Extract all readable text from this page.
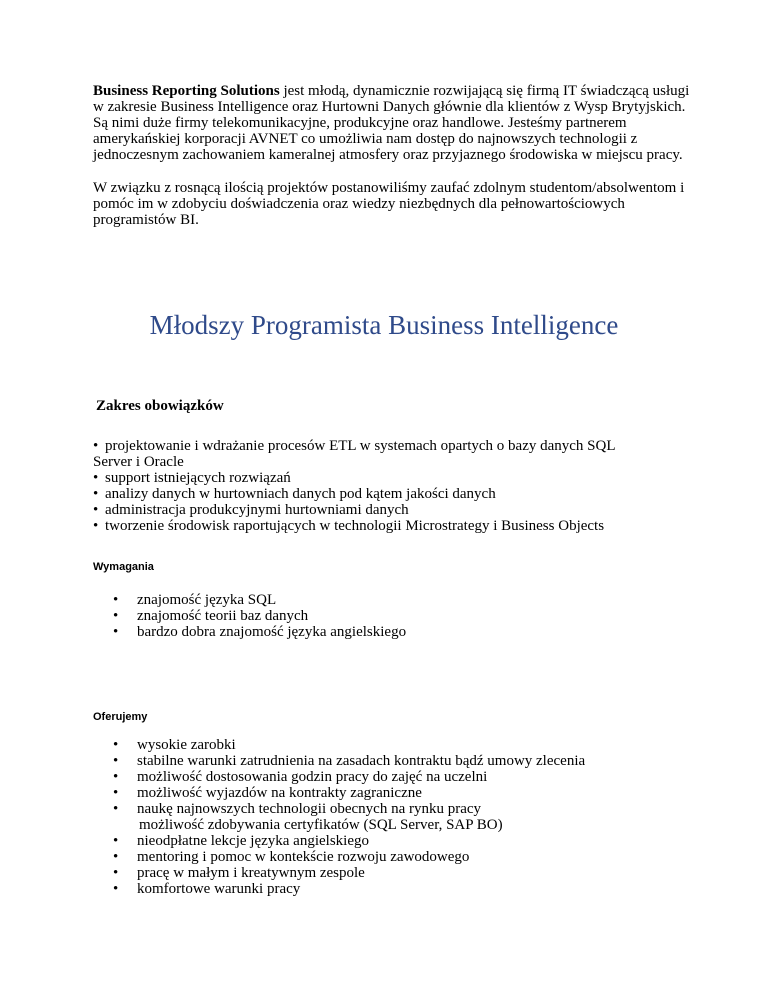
Business Reporting Solutions jest młodą, dynamicznie rozwijającą się firmą IT świadczącą usługi w zakresie Business Intelligence oraz Hurtowni Danych głównie dla klientów z Wysp Brytyjskich. Są nimi duże firmy telekomunikacyjne, produkcyjne oraz handlowe. Jesteśmy partnerem amerykańskiej korporacji AVNET co umożliwia nam dostęp do najnowszych technologii z jednoczesnym zachowaniem kameralnej atmosfery oraz przyjaznego środowiska w miejscu pracy.

W związku z rosnącą ilością projektów postanowiliśmy zaufać zdolnym studentom/absolwentom i pomóc im w zdobyciu doświadczenia oraz wiedzy niezbędnych dla pełnowartościowych programistów BI.

Młodszy Programista Business Intelligence
Zakres obowiązków
• projektowanie i wdrażanie procesów ETL w systemach opartych o bazy danych SQL
Server i Oracle
• support istniejących rozwiązań
• analizy danych w hurtowniach danych pod kątem jakości danych
• administracja produkcyjnymi hurtowniami danych
• tworzenie środowisk raportujących w technologii Microstrategy i Business Objects
Wymagania
• znajomość języka SQL
• znajomość teorii baz danych
• bardzo dobra znajomość języka angielskiego
Oferujemy
• wysokie zarobki
• stabilne warunki zatrudnienia na zasadach kontraktu bądź umowy zlecenia
• możliwość dostosowania godzin pracy do zajęć na uczelni
• możliwość wyjazdów na kontrakty zagraniczne
• naukę najnowszych technologii obecnych na rynku pracy
możliwość zdobywania certyfikatów (SQL Server, SAP BO)
• nieodpłatne lekcje języka angielskiego
• mentoring i pomoc w kontekście rozwoju zawodowego
• pracę w małym i kreatywnym zespole
• komfortowe warunki pracy
